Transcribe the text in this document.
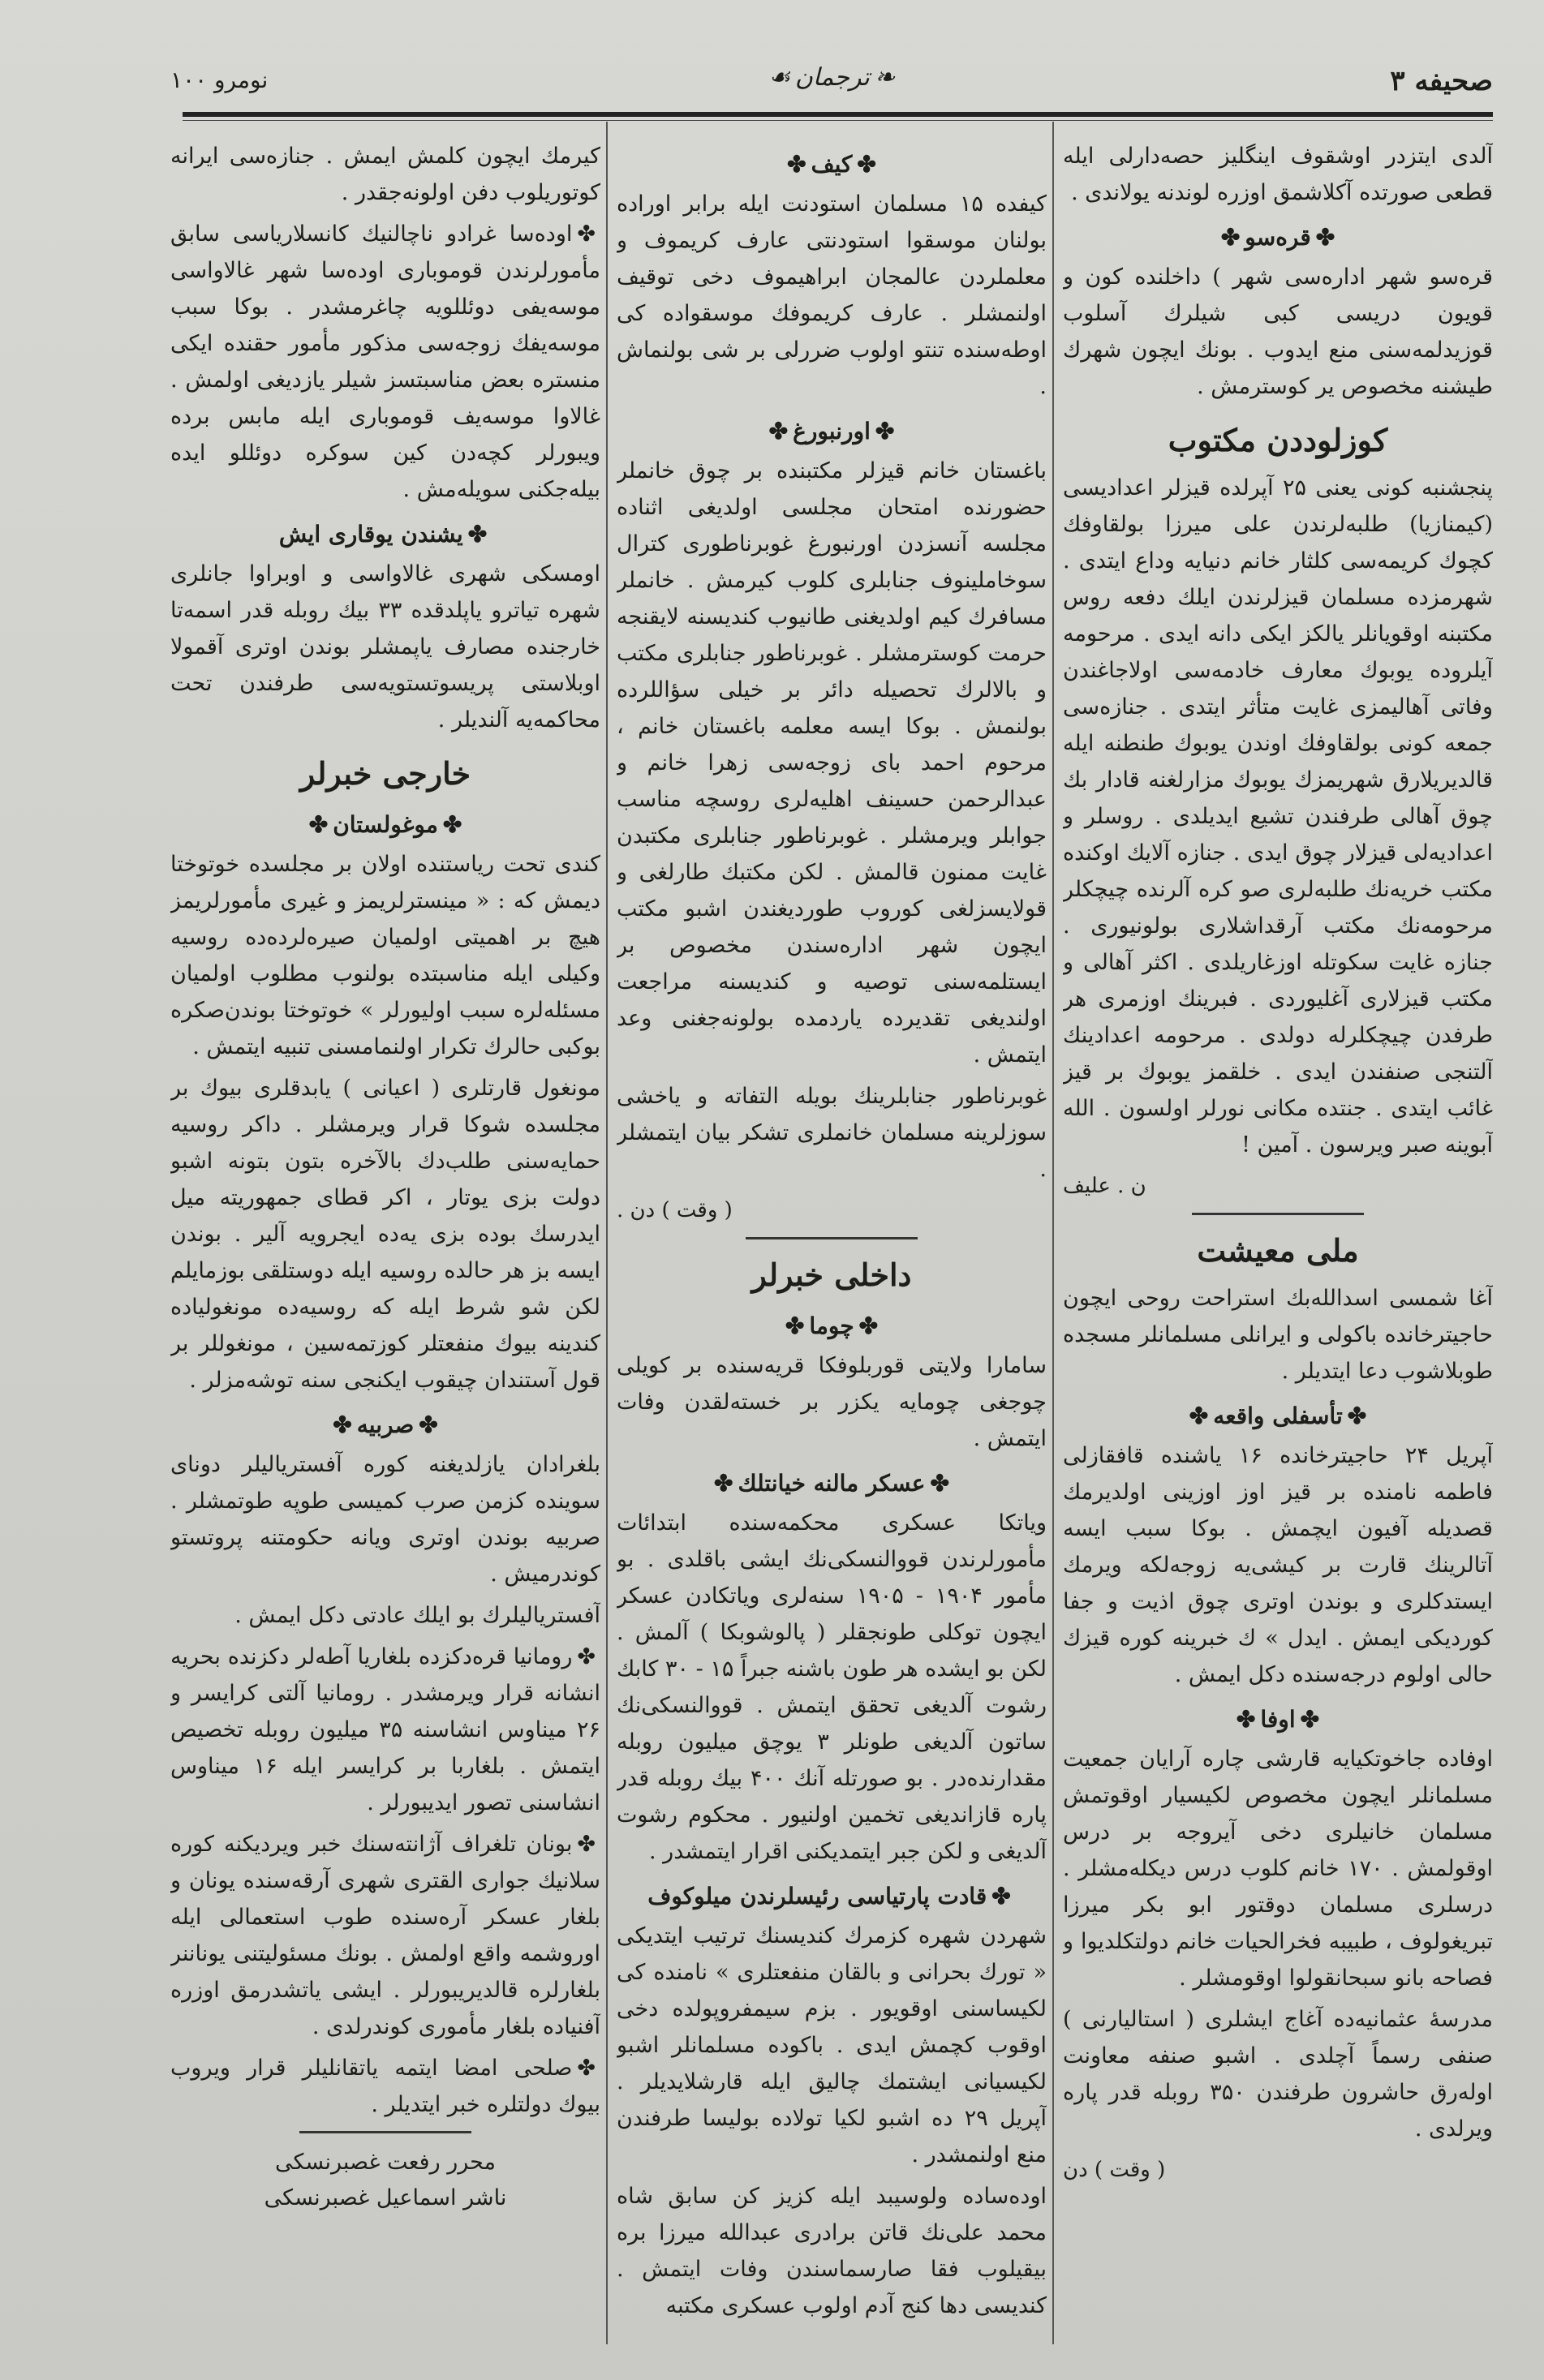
صحیفه ۳
❧ترجمان☙
نومرو ۱۰۰

آلدی ایتزدر اوشقوف اینگلیز حصه‌دارلی ایله قطعی صورتده آکلاشمق اوزره لوندنه یولا‌ندی .

✤قرەسو✤

قرەسو شهر ادارەسی شهر ) داخلنده کون و قویون دریسی کبی شیلرك آسلوب قوزیدلمه‌سنی منع ایدوب . بونك ایچون شهرك طیشنه مخصوص یر کوسترمش .

کوزلوددن مکتوب

پنجشنبه کونی یعنی ۲۵ آپرلده قیزلر اعدادیسی (کیمنازیا) طلبه‌لرندن علی میرزا بولقاوفك کچوك کریمه‌سی کلثار خانم دنیایه وداع ایتدی . شهرمزده مسلمان قیزلرندن ایلك دفعه روس مکتبنه اوقویانلر یالکز ایکی دانه ایدی . مرحومه آیلرودە یوبوك معارف خادمه‌سی اولاجاغندن وفاتی آهالیمزی غایت متأثر ایتدی . جنازەسی جمعه کونی بولقاوفك اوندن یوبوك طنطنه ایله قالدیریلارق شهریمزك یوبوك مزارلغنه قادار بك چوق آهالی طرفندن تشیع ایدیلدی . روسلر و اعدادیه‌لی قیزلار چوق ایدی . جنازه آلایك اوکنده مکتب خریه‌نك طلبه‌لری صو کره آلرنده چیچکلر مرحومه‌نك مکتب آرقداشلاری بولونیوری . جنازه غایت سکوتله اوزغاریلدی . اکثر آهالی و مکتب قیزلاری آغلیوردی . فبرینك اوزمری هر طرفدن چیچکلرله دولدی . مرحومه اعدادینك آلتنجی صنفندن ایدی . خلقمز یوبوك بر قیز غائب ایتدی . جنتده مکانی نورلر اولسون . الله آبوینه صبر ویرسون . آمین !

ن . علیف
ملی معیشت

آغا شمسی اسدالله‌بك استراحت روحی ایچون حاجیترخانده باکولی و ایرانلی مسلمانلر مسجده طوبلاشوب دعا ایتدیلر .

✤تأسفلی واقعه✤

آپریل ۲۴ حاجیترخانده ۱۶ یاشنده قافقازلی فاطمه نامنده بر قیز اوز اوزینی اولدیرمك قصدیله آفیون ایچمش . بوکا سبب ایسه آتالرینك قارت بر کیشی‌یه زوجه‌لکه ویرمك ایستدکلری و بوندن اوتری چوق اذیت و جفا کوردیکی ایمش . ایدل » ك خبرینه کوره قیزك حالی اولوم درجه‌سنده دکل ایمش .

✤اوفا✤

اوفاده جاخوتکیایه قارشی چاره آرایان جمعیت مسلمانلر ایچون مخصوص لکیسیار اوقوتمش مسلمان خانیلری دخی آیروجه بر درس اوقولمش . ۱۷۰ خانم کلوب درس دیکله‌مشلر . درسلری مسلمان دوقتور ابو بکر میرزا تبریغولوف ، طبیبه فخرالحیات خانم دولتکلدیوا و فصاحه بانو سبحانقولوا اوقومشلر .

مدرسهٔ عثمانیه‌ده آغاج ایشلری ( استالیارنی ) صنفی رسماً آچلدی . اشبو صنفه معاونت اولەرق حاشرون طرفندن ۳۵۰ روبله قدر پاره ویرلدی .

( وقت ) دن
✤کیف✤

کیفده ۱۵ مسلمان استودنت ایله برابر اورادە بولنان موسقوا استودنتی عارف کریموف و معلملردن عالمجان ابراهیموف دخی توقیف اولنمشلر . عارف کریموفك موسقوادە کی اوطه‌سنده تنتو اولوب ضررلی بر شی بولنماش .

✤اورنبورغ✤

باغستان خانم قیزلر مکتبنده بر چوق خانملر حضورنده امتحان مجلسی اولدیغی اثناده مجلسه آنسزدن اورنبورغ غوبرناطوری کترال سوخاملینوف جنابلری کلوب کیرمش . خانملر مسافرك کیم اولدیغنی طانیوب کندیسنه لایقنجه حرمت کوسترمشلر . غوبرناطور جنابلری مکتب و بالالرك تحصیله دائر بر خیلی سؤاللرده بولنمش . بوکا ایسه معلمه باغستان خانم ، مرحوم احمد بای زوجه‌سی زهرا خانم و عبدالرحمن حسینف اهلیه‌لری روسچه مناسب جوابلر ویرمشلر . غوبرناطور جنابلری مکتبدن غایت ممنون قالمش . لکن مکتبك طارلغی و قولایسزلغی کوروب طوردیغندن اشبو مکتب ایچون شهر ادارەسندن مخصوص بر ایستلمه‌سنی توصیه و کندیسنه مراجعت اولندیغی تقدیرده یاردمده بولونه‌جغنی وعد ایتمش .

غوبرناطور جنابلرینك بویله التفاته و یاخشی سوزلرینه مسلمان خانملری تشکر بیان ایتمشلر .

( وقت ) دن .
داخلی خبرلر
✤چوما✤

سامارا ولایتی قوربلوفکا قریه‌سنده بر کویلی چوجغی چومایه یکزر بر خسته‌لقدن وفات ایتمش .

✤عسکر مالنه خیانتلك✤

ویاتکا عسکری محکمه‌سنده ابتدائات مأمورلرندن قووالنسکی‌نك ایشی باقلدی . بو مأمور ۱۹۰۴ - ۱۹۰۵ سنه‌لری ویاتکادن عسکر ایچون توکلی طونجقلر ( پالوشوبکا ) آلمش . لکن بو ایشده هر طون باشنه جبراً ۱۵ - ۳۰ کابك رشوت آلدیغی تحقق ایتمش . قووالنسکی‌نك ساتون آلدیغی طونلر ۳ یوچق میلیون روبله مقدارنده‌در . بو صورتله آنك ۴۰۰ بیك روبله قدر پاره قازاندیغی تخمین اولنیور . محکوم رشوت آلدیغی و لکن جبر ایتمدیکنی اقرار ایتمشدر .

✤قادت پارتیاسی رئیسلرندن میلوکوف

شهردن شهره کزمرك کندیسنك ترتیب ایتدیکی « تورك بحرانی و بالقان منفعتلری » نامنده کی لکیساسنی اوقویور . بزم سیمفروپولده دخی اوقوب کچمش ایدی . باکوده مسلمانلر اشبو لکیسیانی ایشتمك چالیق ایله قارشلایدیلر . آپریل ۲۹ ده اشبو لکیا تولاده بولیسا طرفندن منع اولنمشدر .

اوده‌ساده ولوسیبد ایله کزیز کن سابق شاه محمد علی‌نك قاتن برادری عبدالله میرزا بره بیقیلوب فقا صارسماسندن وفات ایتمش . کندیسی دها کنج آدم اولوب عسکری مکتبه

کیرمك ایچون کلمش ایمش . جنازه‌سی ایرانه کوتوریلوب دفن اولونه‌جقدر .

✤اوده‌سا غرادو ناچالنیك کانسلاریاسی سابق مأمورلرندن قوموباری اوده‌سا شهر غالاواسی موسه‌یفی دوئللویه چاغرمشدر . بوکا سبب موسه‌یفك زوجه‌سی مذکور مأمور حقنده ایکی منستره بعض مناسبتسز شیلر یازدیغی اولمش . غالاوا موسه‌یف قوموباری ایله مابس برده ویبورلر کچه‌دن کین سوکره دوئللو ایده بیله‌جکنی سویله‌مش .

✤یشندن یوقاری ایش

اومسکی شهری غالاواسی و اوبراوا جانلری شهره تیاترو یاپلدقده ۳۳ بیك روبله قدر اسمه‌تا خارجنده مصارف یاپمشلر بوندن اوتری آقمولا اوبلاستی پریسوتستویه‌سی طرفندن تحت محاکمه‌یه آلندیلر .

خارجی خبرلر
✤موغولستان✤

کندی تحت ریاستنده اولان بر مجلسده خوتوختا دیمش که : « مینسترلریمز و غیری مأمورلریمز هیچ بر اهمیتی اولمیان صیرەلرده‌ده روسیه وکیلی ایله مناسبتده بولنوب مطلوب اولمیان مسئله‌لره سبب اولیورلر » خوتوختا بوندن‌صکره بوکبی حالرك تکرار اولنمامسنی تنبیه ایتمش .

مونغول قارتلری ( اعیانی ) یابدقلری بیوك بر مجلسده شوکا قرار ویرمشلر . داکر روسیه حمایه‌سنی طلب‌دك بالآخره بتون بتونه اشبو دولت بزی یوتار ، اکر قطای جمهوریته میل ایدرسك بوده بزی یه‌ده ایجرویه آلیر . بوندن ایسه بز هر حالده روسیه ایله دوستلقی بوزمایلم لکن شو شرط ایله که روسیه‌ده مونغولیاده کندینه بیوك منفعتلر کوزتمه‌سین ، مونغوللر بر قول آستندان چیقوب ایکنجی سنه توشه‌مزلر .

✤صربیه✤

بلغرادان یازلدیغنه کوره آفستریالیلر دونای سوینده کزمن صرب کمیسی طوپه طوتمشلر . صربیه بوندن اوتری ویانه حکومتنه پروتستو کوندرمیش .

آفستریالیلرك بو ایلك عادتی دکل ایمش .

✤رومانیا قرەدکزده بلغاریا آطه‌لر دکزنده بحریه انشانه قرار ویرمشدر . رومانیا آلتی کرایسر و ۲۶ میناوس انشاسنه ۳۵ میلیون روبله تخصیص ایتمش . بلغاربا بر کرایسر ایله ۱۶ میناوس انشاسنی تصور ایدیبورلر .

✤بونان تلغراف آژانته‌سنك خبر ویردیکنه کوره سلانیك جواری القتری شهری آرقه‌سنده یونان و بلغار عسکر آره‌سنده طوب استعمالی ایله اوروشمه واقع اولمش . بونك مسئولیتنی یوناننر بلغارلره قالدیریبورلر . ایشی یاتشدرمق اوزره آفنیاده بلغار مأموری کوندرلدی .

✤صلحی امضا ایتمه یاتقانلیلر قرار ویروب بیوك دولتلره خبر ایتدیلر .

محرر رفعت غصبرنسکی
ناشر اسماعیل غصبرنسکی
